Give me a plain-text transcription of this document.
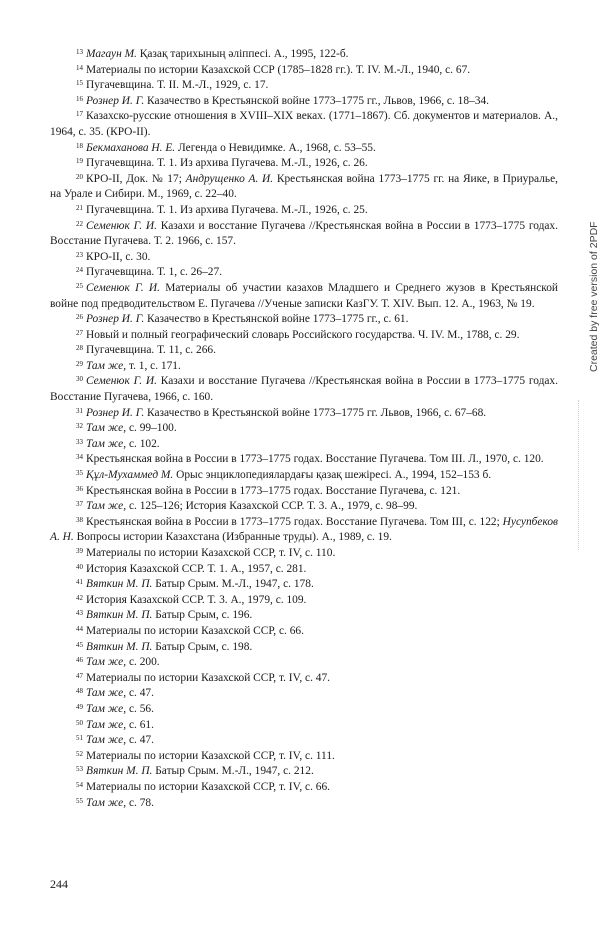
$^{13}$ Магаун М. Қазақ тарихының әліппесі. А., 1995, 122-б.

$^{14}$ Материалы по истории Казахской ССР (1785–1828 гг.). Т. IV. М.-Л., 1940, с. 67.

$^{15}$ Пугачевщина. Т. II. М.-Л., 1929, с. 17.

$^{16}$ Рознер И. Г. Казачество в Крестьянской войне 1773–1775 гг., Львов, 1966, с. 18–34.

$^{17}$ Казахско-русские отношения в XVIII–XIX веках. (1771–1867). Сб. документов и материалов. А., 1964, с. 35. (КРО-II).

$^{18}$ Бекмаханова Н. Е. Легенда о Невидимке. А., 1968, с. 53–55.

$^{19}$ Пугачевщина. Т. 1. Из архива Пугачева. М.-Л., 1926, с. 26.

$^{20}$ КРО-II, Док. № 17; Андрущенко А. И. Крестьянская война 1773–1775 гг. на Яике, в Приуралье, на Урале и Сибири. М., 1969, с. 22–40.

$^{21}$ Пугачевщина. Т. 1. Из архива Пугачева. М.-Л., 1926, с. 25.

$^{22}$ Семенюк Г. И. Казахи и восстание Пугачева //Крестьянская война в России в 1773–1775 годах. Восстание Пугачева. Т. 2. 1966, с. 157.

$^{23}$ КРО-II, с. 30.

$^{24}$ Пугачевщина. Т. 1, с. 26–27.

$^{25}$ Семенюк Г. И. Материалы об участии казахов Младшего и Среднего жузов в Крестьянской войне под предводительством Е. Пугачева //Ученые записки КазГУ. Т. XIV. Вып. 12. А., 1963, № 19.

$^{26}$ Рознер И. Г. Казачество в Крестьянской войне 1773–1775 гг., с. 61.

$^{27}$ Новый и полный географический словарь Российского государства. Ч. IV. М., 1788, с. 29.

$^{28}$ Пугачевщина. Т. 11, с. 266.

$^{29}$ Там же, т. 1, с. 171.

$^{30}$ Семенюк Г. И. Казахи и восстание Пугачева //Крестьянская война в России в 1773–1775 годах. Восстание Пугачева, 1966, с. 160.

$^{31}$ Рознер И. Г. Казачество в Крестьянской войне 1773–1775 гг. Львов, 1966, с. 67–68.

$^{32}$ Там же, с. 99–100.

$^{33}$ Там же, с. 102.

$^{34}$ Крестьянская война в России в 1773–1775 годах. Восстание Пугачева. Том III. Л., 1970, с. 120.

$^{35}$ Құл-Мухаммед М. Орыс энциклопедиялардағы қазақ шежіресі. А., 1994, 152–153 б.

$^{36}$ Крестьянская война в России в 1773–1775 годах. Восстание Пугачева, с. 121.

$^{37}$ Там же, с. 125–126; История Казахской ССР. Т. 3. А., 1979, с. 98–99.

$^{38}$ Крестьянская война в России в 1773–1775 годах. Восстание Пугачева. Том III, с. 122; Нусупбеков А. Н. Вопросы истории Казахстана (Избранные труды). А., 1989, с. 19.

$^{39}$ Материалы по истории Казахской ССР, т. IV, с. 110.

$^{40}$ История Казахской ССР. Т. 1. А., 1957, с. 281.

$^{41}$ Вяткин М. П. Батыр Срым. М.-Л., 1947, с. 178.

$^{42}$ История Казахской ССР. Т. 3. А., 1979, с. 109.

$^{43}$ Вяткин М. П. Батыр Срым, с. 196.

$^{44}$ Материалы по истории Казахской ССР, с. 66.

$^{45}$ Вяткин М. П. Батыр Срым, с. 198.

$^{46}$ Там же, с. 200.

$^{47}$ Материалы по истории Казахской ССР, т. IV, с. 47.

$^{48}$ Там же, с. 47.

$^{49}$ Там же, с. 56.

$^{50}$ Там же, с. 61.

$^{51}$ Там же, с. 47.

$^{52}$ Материалы по истории Казахской ССР, т. IV, с. 111.

$^{53}$ Вяткин М. П. Батыр Срым. М.-Л., 1947, с. 212.

$^{54}$ Материалы по истории Казахской ССР, т. IV, с. 66.

$^{55}$ Там же, с. 78.

244
Created by free version of 2PDF
